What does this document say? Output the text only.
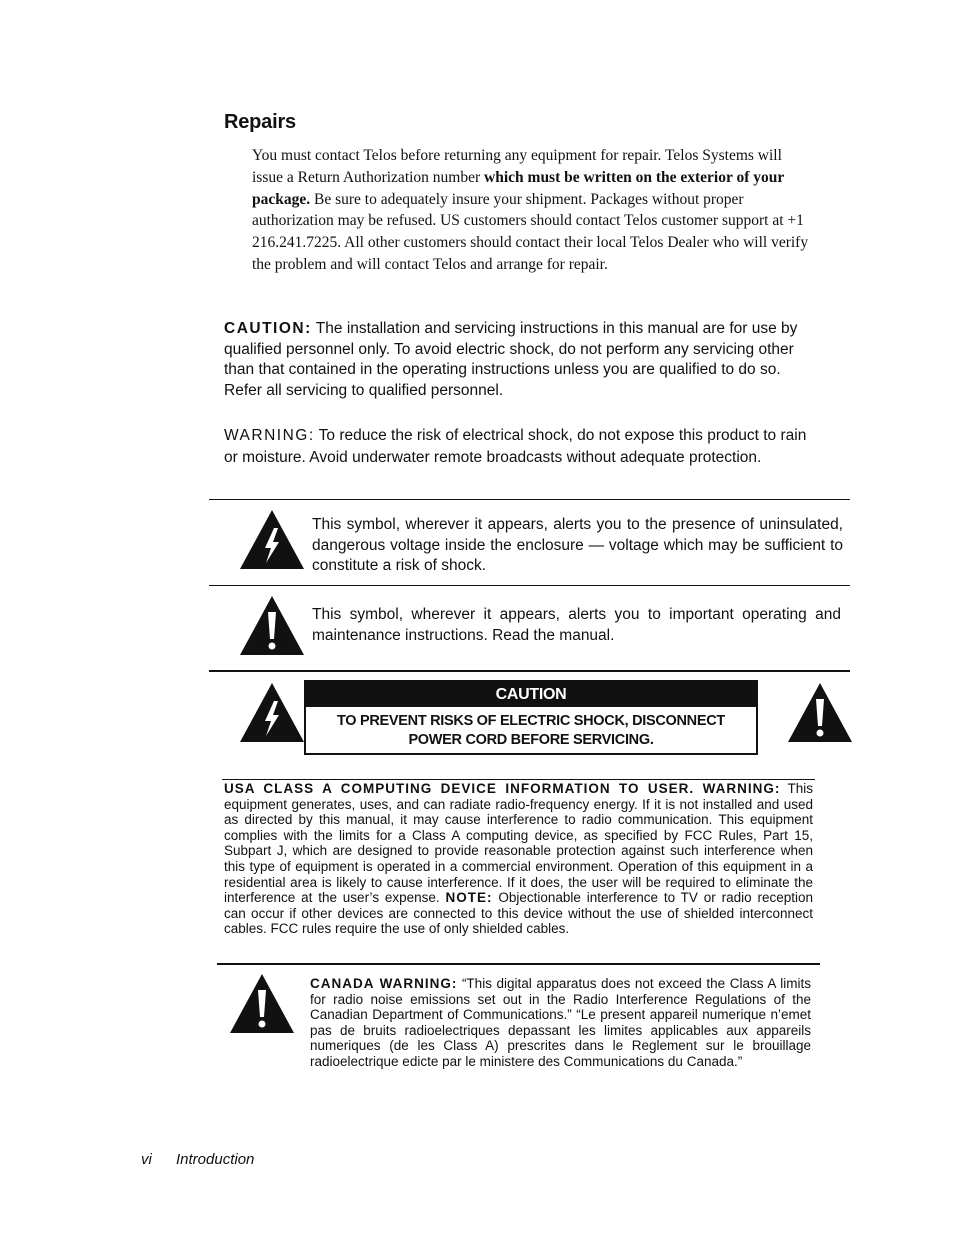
Repairs
You must contact Telos before returning any equipment for repair. Telos Systems will issue a Return Authorization number which must be written on the exterior of your package. Be sure to adequately insure your shipment. Packages without proper authorization may be refused. US customers should contact Telos customer support at +1 216.241.7225. All other customers should contact their local Telos Dealer who will verify the problem and will contact Telos and arrange for repair.
CAUTION: The installation and servicing instructions in this manual are for use by qualified personnel only. To avoid electric shock, do not perform any servicing other than that contained in the operating instructions unless you are qualified to do so. Refer all servicing to qualified personnel.
WARNING: To reduce the risk of electrical shock, do not expose this product to rain or moisture. Avoid underwater remote broadcasts without adequate protection.
This symbol, wherever it appears, alerts you to the presence of uninsulated, dangerous voltage inside the enclosure — voltage which may be sufficient to constitute a risk of shock.
This symbol, wherever it appears, alerts you to important operating and maintenance instructions. Read the manual.
CAUTION
TO PREVENT RISKS OF ELECTRIC SHOCK, DISCONNECT
POWER CORD BEFORE SERVICING.
USA CLASS A COMPUTING DEVICE INFORMATION TO USER. WARNING: This equipment generates, uses, and can radiate radio-frequency energy. If it is not installed and used as directed by this manual, it may cause interference to radio communication. This equipment complies with the limits for a Class A computing device, as specified by FCC Rules, Part 15, Subpart J, which are designed to provide reasonable protection against such interference when this type of equipment is operated in a commercial environment. Operation of this equipment in a residential area is likely to cause interference. If it does, the user will be required to eliminate the interference at the user’s expense. NOTE: Objectionable interference to TV or radio reception can occur if other devices are connected to this device without the use of shielded interconnect cables. FCC rules require the use of only shielded cables.
CANADA WARNING: “This digital apparatus does not exceed the Class A limits for radio noise emissions set out in the Radio Interference Regulations of the Canadian Department of Communications.” “Le present appareil numerique n’emet pas de bruits radioelectriques depassant les limites applicables aux appareils numeriques (de les Class A) prescrites dans le Reglement sur le brouillage radioelectrique edicte par le ministere des Communications du Canada.”
vi Introduction
